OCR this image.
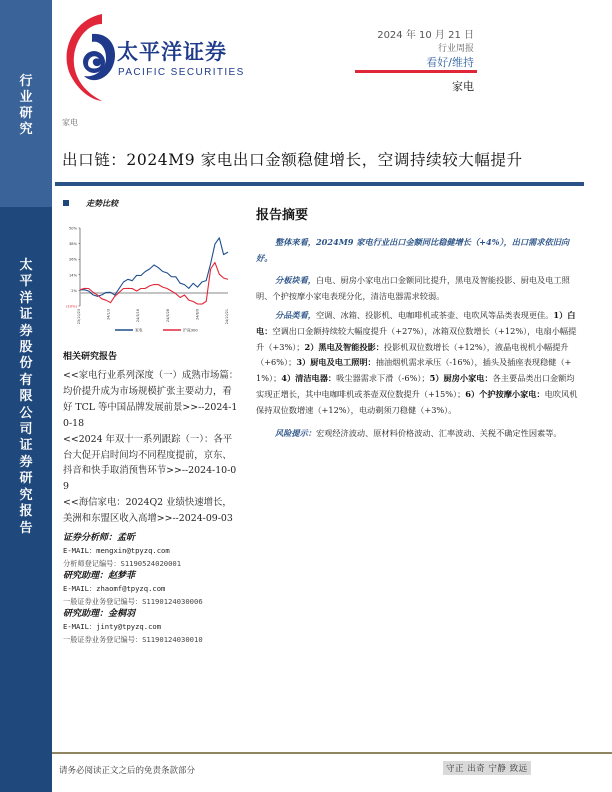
行
业
研
究
太
平
洋
证
券
股
份
有
限
公
司
证
券
研
究
报
告
太平洋证券
PACIFIC SECURITIES
2024 年 10 月 21 日
行业周报
看好/维持
家电
家电
出口链：2024M9 家电出口金额稳健增长，空调持续较大幅提升
走势比较
50%
38%
26%
14%
2%
(10%)
23/10/23	24/1/3	24/3/16	24/5/28	24/8/9	24/10/21
家电	沪深300
相关研究报告
<<家电行业系列深度（一）成熟市场篇：均价提升成为市场规模扩张主要动力，看好 TCL 等中国品牌发展前景>>--2024-10-18
<<2024 年双十一系列跟踪（一）：各平台大促开启时间均不同程度提前，京东、抖音和快手取消预售环节>>--2024-10-09
<<海信家电：2024Q2 业绩快速增长，美洲和东盟区收入高增>>--2024-09-03
证券分析师：孟昕
E-MAIL：mengxin@tpyzq.com
分析师登记编号：S1190524020001
研究助理：赵梦菲
E-MAIL：zhaomf@tpyzq.com
一般证券业务登记编号：S1190124030006
研究助理：金桐羽
E-MAIL：jinty@tpyzq.com
一般证券业务登记编号：S1190124030010
报告摘要
整体来看，2024M9 家电行业出口金额同比稳健增长（+4%），出口需求依旧向好。
分板块看，白电、厨房小家电出口金额同比提升，黑电及智能投影、厨电及电工照明、个护按摩小家电表现分化，清洁电器需求较弱。
分品类看，空调、冰箱、投影机、电咖啡机或茶壶、电吹风等品类表现更佳。1）白电：空调出口金额持续较大幅度提升（+27%），冰箱双位数增长（+12%），电扇小幅提升（+3%）；2）黑电及智能投影：投影机双位数增长（+12%），液晶电视机小幅提升（+6%）；3）厨电及电工照明：抽油烟机需求承压（-16%），插头及插座表现稳健（+1%）；4）清洁电器：吸尘器需求下滑（-6%）；5）厨房小家电：各主要品类出口金额均实现正增长，其中电咖啡机或茶壶双位数提升（+15%）；6）个护按摩小家电：电吹风机保持双位数增速（+12%），电动剃须刀稳健（+3%）。
风险提示：宏观经济波动、原材料价格波动、汇率波动、关税不确定性因素等。
请务必阅读正文之后的免责条款部分	守正 出奇 宁静 致远
